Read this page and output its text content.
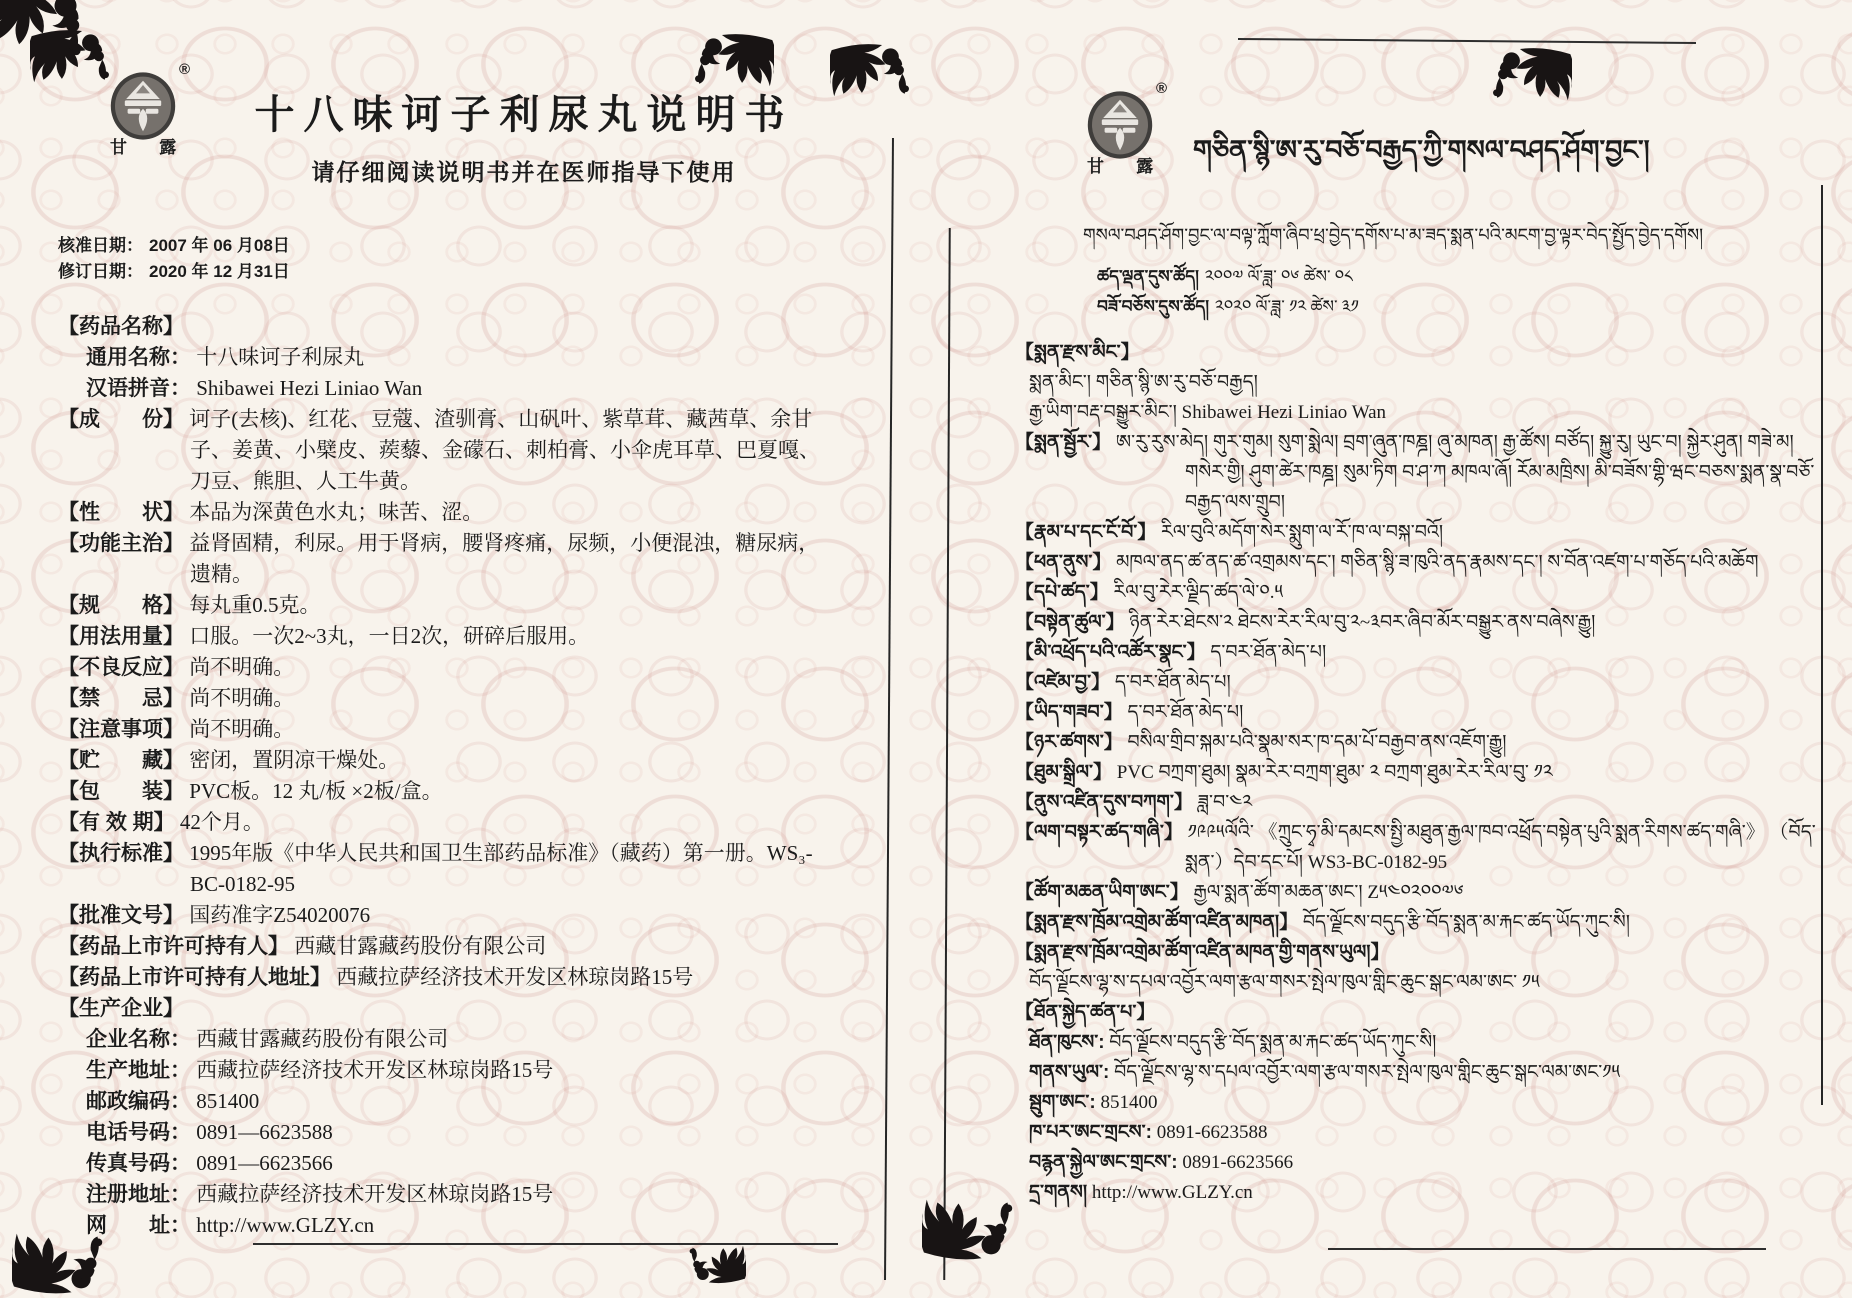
®
甘 露
十八味诃子利尿丸说明书
请仔细阅读说明书并在医师指导下使用
核准日期： 2007 年 06 月08日
修订日期： 2020 年 12 月31日
【药品名称】
通用名称： 十八味诃子利尿丸
汉语拼音： Shibawei Hezi Liniao Wan
【成　　份】 诃子(去核)、红花、豆蔻、渣驯膏、山矾叶、紫草茸、藏茜草、余甘子、姜黄、小檗皮、蒺藜、金礞石、刺柏膏、小伞虎耳草、巴夏嘎、刀豆、熊胆、人工牛黄。
【性　　状】 本品为深黄色水丸；味苦、涩。
【功能主治】 益肾固精，利尿。用于肾病，腰肾疼痛，尿频，小便混浊，糖尿病，遗精。
【规　　格】 每丸重0.5克。
【用法用量】 口服。一次2~3丸，一日2次，研碎后服用。
【不良反应】 尚不明确。
【禁　　忌】 尚不明确。
【注意事项】 尚不明确。
【贮　　藏】 密闭，置阴凉干燥处。
【包　　装】 PVC板。12 丸/板 ×2板/盒。
【有 效 期】 42个月。
【执行标准】 1995年版《中华人民共和国卫生部药品标准》（藏药）第一册。WS₃-BC-0182-95
【批准文号】 国药准字Z54020076
【药品上市许可持有人】 西藏甘露藏药股份有限公司
【药品上市许可持有人地址】 西藏拉萨经济技术开发区林琼岗路15号
【生产企业】
企业名称： 西藏甘露藏药股份有限公司
生产地址： 西藏拉萨经济技术开发区林琼岗路15号
邮政编码： 851400
电话号码： 0891—6623588
传真号码： 0891—6623566
注册地址： 西藏拉萨经济技术开发区林琼岗路15号
网　　址： http://www.GLZY.cn
®
甘 露
གཅིན་སྙི་ཨ་རུ་བཅོ་བརྒྱད་ཀྱི་གསལ་བཤད་ཤོག་བྱང་།
གསལ་བཤད་ཤོག་བྱང་ལ་བལྟ་ཀློག་ཞིབ་ཕྲ་བྱེད་དགོས་པ་མ་ཟད་སྨན་པའི་མངག་བྱ་ལྟར་བེད་སྤྱོད་བྱེད་དགོས།
ཚད་ལྡན་དུས་ཚོད། ༢༠༠༧ ལོ་ཟླ་ ༠༦ ཚེས་ ༠༨
བཟོ་བཅོས་དུས་ཚོད། ༢༠༢༠ ལོ་ཟླ་ ༡༢ ཚེས་ ༣༡
【སྨན་རྫས་མིང་】
སྨན་མིང་། གཅིན་སྙི་ཨ་རུ་བཅོ་བརྒྱད།
རྒྱ་ཡིག་བརྡ་བསྒྱུར་མིང་། Shibawei Hezi Liniao Wan
【སྨན་སྦྱོར་】 ཨ་རུ་རུས་མེད། གུར་གུམ། སུག་སྨེལ། བྲག་ཞུན་ཁཎྜ། ཞུ་མཁན། རྒྱ་ཚོས། བཙོད། སྐྱུ་རུ། ཡུང་བ། སྐྱེར་ཤུན། གཟེ་མ། གསེར་གྱི། ཤུག་ཚེར་ཁཎྜ། སུམ་ཏིག བ་ཤ་ཀ མཁལ་ཞོ། རོམ་མཁྲིས། མི་བཟོས་གྷི་ཝང་བཅས་སྨན་སྣ་བཅོ་བརྒྱད་ལས་གྲུབ།
【རྣམ་པ་དང་ངོ་བོ་】 རིལ་བུའི་མདོག་སེར་སྨུག་ལ་རོ་ཁ་ལ་བསྐ་བའོ།
【ཕན་ནུས་】 མཁལ་ནད་ཚ་ནད་ཚ་འགྲམས་དང་། གཅིན་སྙི་ཟ་ཁུའི་ནད་རྣམས་དང་། ས་བོན་འཛག་པ་གཅོད་པའི་མཆོག
【དཔེ་ཚད་】 རིལ་བུ་རེར་ལྗིད་ཚད་ལེ་༠.༥
【བསྟེན་ཚུལ་】 ཉིན་རེར་ཐེངས་༢ ཐེངས་རེར་རིལ་བུ་༢~༣བར་ཞིབ་མོར་བསྒྱུར་ནས་བཞེས་རྒྱུ།
【མི་འཕྲོད་པའི་འཚོར་སྣང་】 ད་བར་ཐོན་མེད་པ།
【འཛེམ་བྱ་】 ད་བར་ཐོན་མེད་པ།
【ཡིད་གཟབ་】 ད་བར་ཐོན་མེད་པ།
【ཉར་ཚགས་】 བསིལ་གྲིབ་སྐམ་པའི་སྣམ་སར་ཁ་དམ་པོ་བརྒྱབ་ནས་འཇོག་རྒྱུ།
【ཐུམ་སྒྲིལ་】 PVC བཀྲག་ཐུམ། སྣམ་རེར་བཀྲག་ཐུམ་ ༢ བཀྲག་ཐུམ་རེར་རིལ་བུ་ ༡༢
【ནུས་འཛིན་དུས་བཀག་】 ཟླ་བ་༤༢
【ལག་བསྟར་ཚད་གཞི་】 ༡༩༩༥ལོའི་ 《ཀྲུང་ཧྭ་མི་དམངས་སྤྱི་མཐུན་རྒྱལ་ཁབ་འཕྲོད་བསྟེན་པུའི་སྨན་རིགས་ཚད་གཞི་》 （བོད་སྨན་）དེབ་དང་པོ། WS3-BC-0182-95
【ཚོག་མཆན་ཡིག་ཨང་】 རྒྱལ་སྨན་ཚོག་མཆན་ཨང་། Z༥༤༠༢༠༠༧༦
【སྨན་རྫས་ཁྲོམ་འགྲེམ་ཚོག་འཛིན་མཁན།】 བོད་ལྗོངས་བདུད་རྩི་བོད་སྨན་མ་རྐང་ཚད་ཡོད་ཀུང་སི།
【སྨན་རྫས་ཁྲོམ་འགྲེམ་ཚོག་འཛིན་མཁན་གྱི་གནས་ཡུལ།】
བོད་ལྗོངས་ལྷ་ས་དཔལ་འབྱོར་ལག་རྩལ་གསར་སྤེལ་ཁུལ་གླིང་ཆུང་སྒང་ལམ་ཨང་ ༡༥
【ཐོན་སྐྱེད་ཚན་པ་】
ཐོན་ཁུངས་: བོད་ལྗོངས་བདུད་རྩི་བོད་སྨན་མ་རྐང་ཚད་ཡོད་ཀུང་སི།
གནས་ཡུལ་: བོད་ལྗོངས་ལྷ་ས་དཔལ་འབྱོར་ལག་རྩལ་གསར་སྤེལ་ཁུལ་གླིང་ཆུང་སྒང་ལམ་ཨང་༡༥
སྦུག་ཨང་: 851400
ཁ་པར་ཨང་གྲངས་: 0891-6623588
བརྙན་སྐྱེལ་ཨང་གྲངས་: 0891-6623566
དྲ་གནས། http://www.GLZY.cn
